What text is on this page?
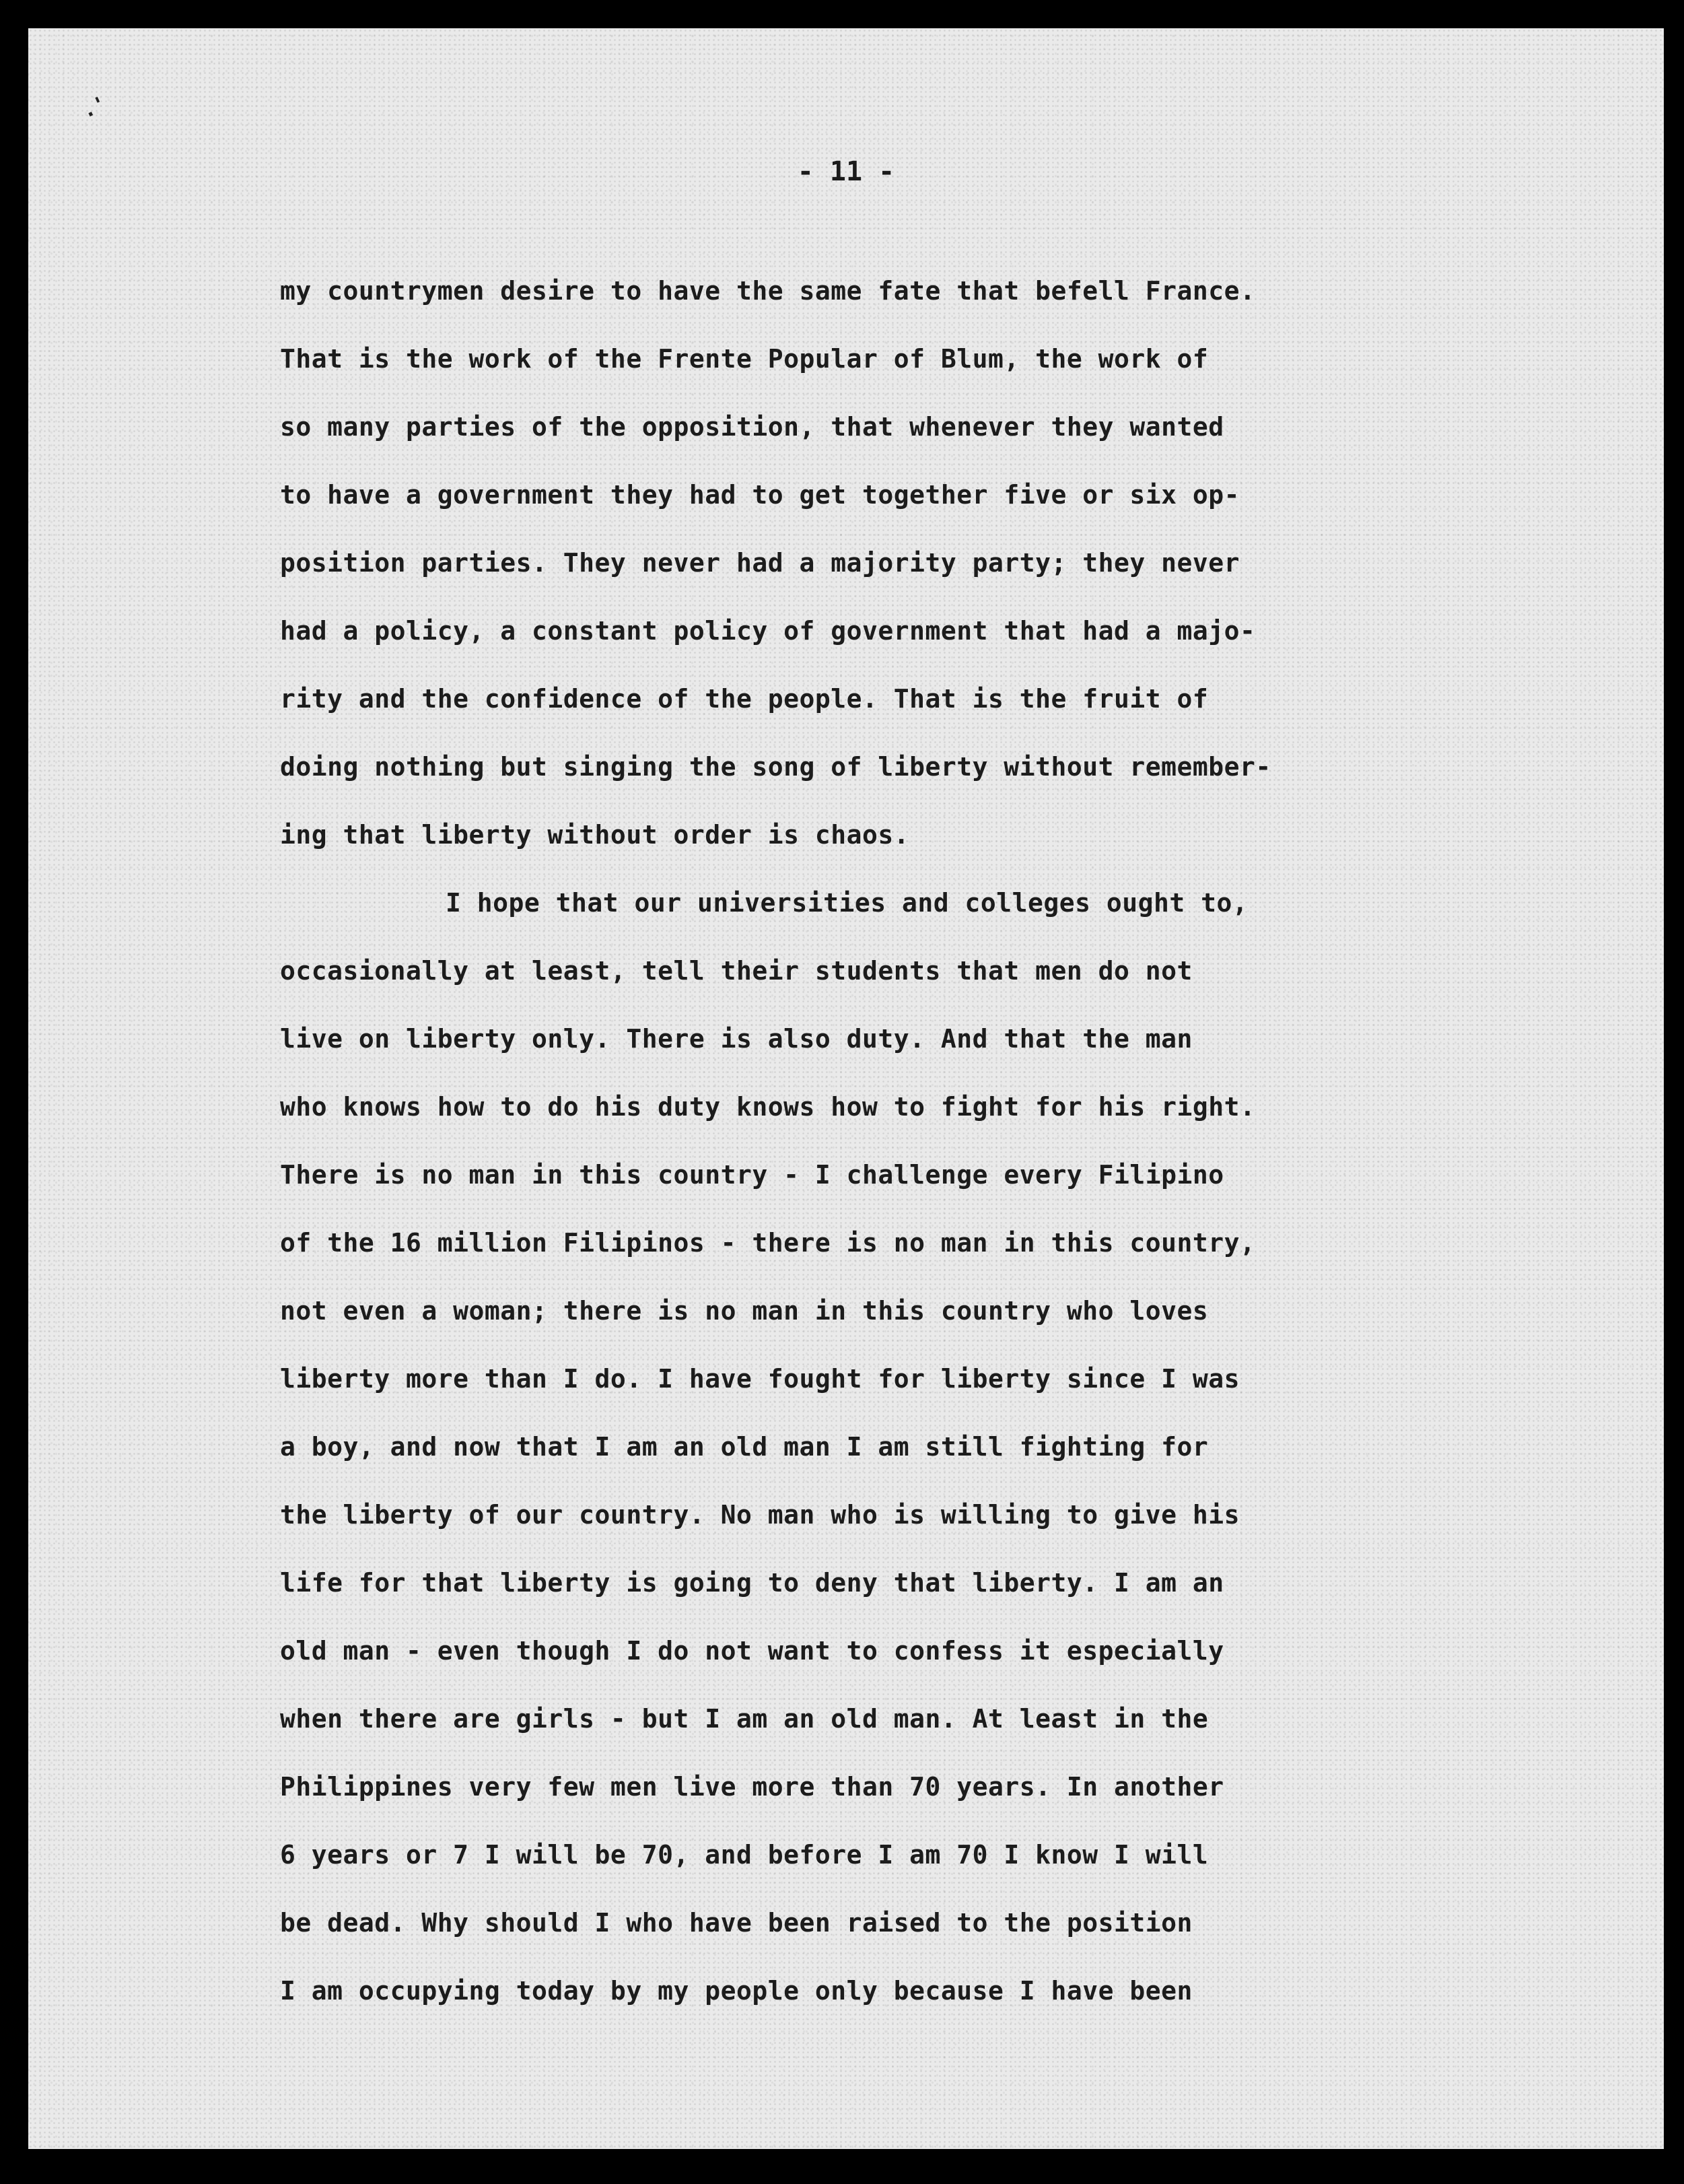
.'
- 11 -
my countrymen desire to have the same fate that befell France.
That is the work of the Frente Popular of Blum, the work of
so many parties of the opposition, that whenever they wanted
to have a government they had to get together five or six op-
position parties. They never had a majority party; they never
had a policy, a constant policy of government that had a majo-
rity and the confidence of the people. That is the fruit of
doing nothing but singing the song of liberty without remember-
ing that liberty without order is chaos.
I hope that our universities and colleges ought to,
occasionally at least, tell their students that men do not
live on liberty only. There is also duty. And that the man
who knows how to do his duty knows how to fight for his right.
There is no man in this country - I challenge every Filipino
of the 16 million Filipinos - there is no man in this country,
not even a woman; there is no man in this country who loves
liberty more than I do. I have fought for liberty since I was
a boy, and now that I am an old man I am still fighting for
the liberty of our country. No man who is willing to give his
life for that liberty is going to deny that liberty. I am an
old man - even though I do not want to confess it especially
when there are girls - but I am an old man. At least in the
Philippines very few men live more than 70 years. In another
6 years or 7 I will be 70, and before I am 70 I know I will
be dead. Why should I who have been raised to the position
I am occupying today by my people only because I have been
